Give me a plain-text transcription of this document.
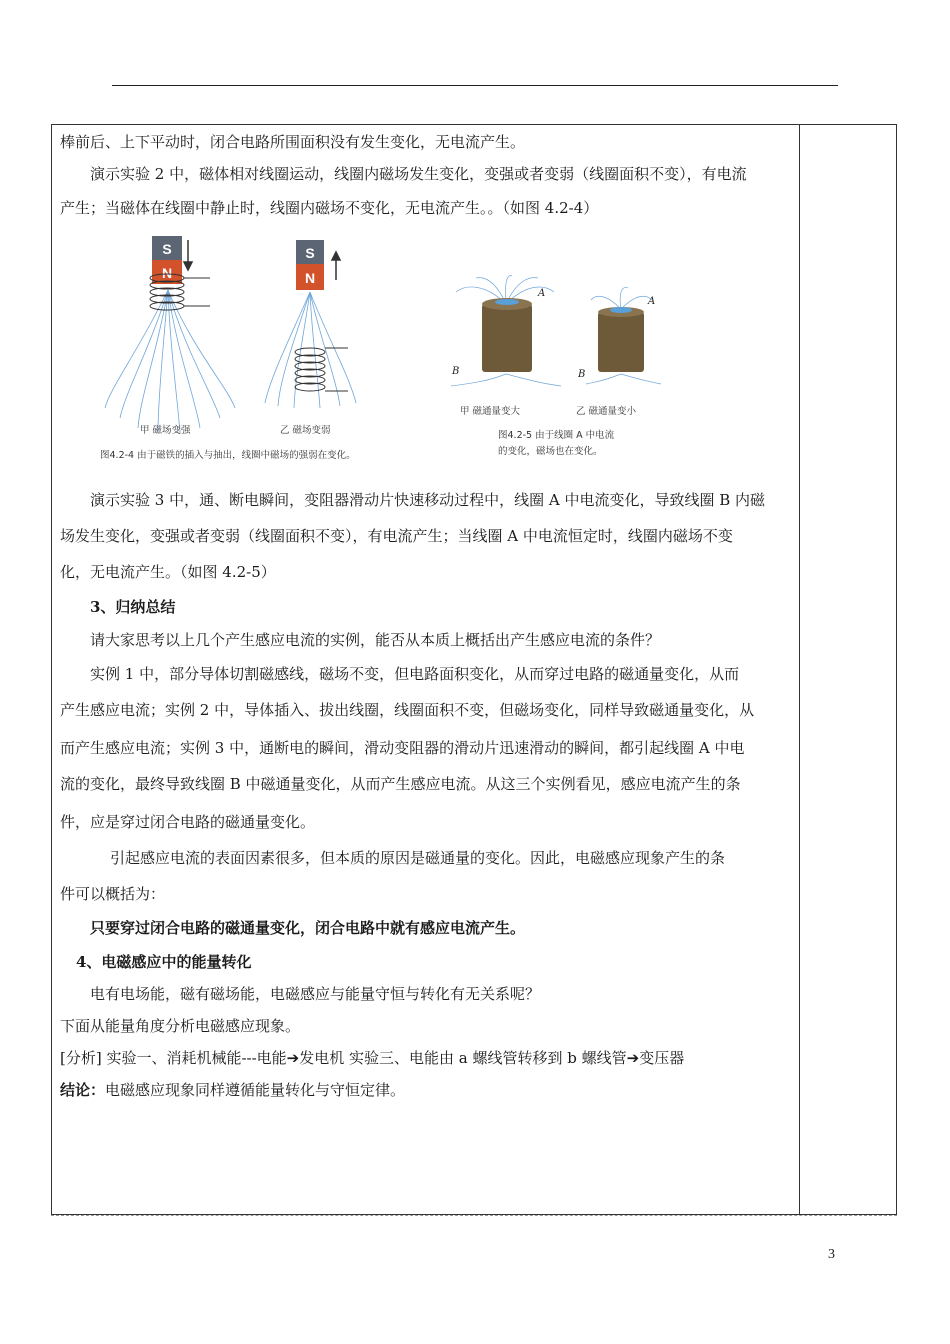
棒前后、上下平动时，闭合电路所围面积没有发生变化，无电流产生。
演示实验 2 中，磁体相对线圈运动，线圈内磁场发生变化，变强或者变弱（线圈面积不变），有电流
产生；当磁体在线圈中静止时，线圈内磁场不变化，无电流产生。。（如图 4.2-4）
S
N
S
N
甲 磁场变强	乙 磁场变弱
图4.2-4 由于磁铁的插入与抽出，线圈中磁场的强弱在变化。
A
B
A
B
甲 磁通量变大	乙 磁通量变小
图4.2-5 由于线圈 A 中电流
的变化，磁场也在变化。
演示实验 3 中，通、断电瞬间，变阻器滑动片快速移动过程中，线圈 A 中电流变化，导致线圈 B 内磁
场发生变化，变强或者变弱（线圈面积不变），有电流产生；当线圈 A 中电流恒定时，线圈内磁场不变
化，无电流产生。（如图 4.2-5）
3、归纳总结
请大家思考以上几个产生感应电流的实例，能否从本质上概括出产生感应电流的条件？
实例 1 中，部分导体切割磁感线，磁场不变，但电路面积变化，从而穿过电路的磁通量变化，从而
产生感应电流；实例 2 中，导体插入、拔出线圈，线圈面积不变，但磁场变化，同样导致磁通量变化，从
而产生感应电流；实例 3 中，通断电的瞬间，滑动变阻器的滑动片迅速滑动的瞬间，都引起线圈 A 中电
流的变化，最终导致线圈 B 中磁通量变化，从而产生感应电流。从这三个实例看见，感应电流产生的条
件，应是穿过闭合电路的磁通量变化。
引起感应电流的表面因素很多，但本质的原因是磁通量的变化。因此，电磁感应现象产生的条
件可以概括为：
只要穿过闭合电路的磁通量变化，闭合电路中就有感应电流产生。
4、电磁感应中的能量转化
电有电场能，磁有磁场能，电磁感应与能量守恒与转化有无关系呢？
下面从能量角度分析电磁感应现象。
[分析] 实验一、消耗机械能---电能➔发电机 实验三、电能由 a 螺线管转移到 b 螺线管➔变压器
结论：电磁感应现象同样遵循能量转化与守恒定律。
3
